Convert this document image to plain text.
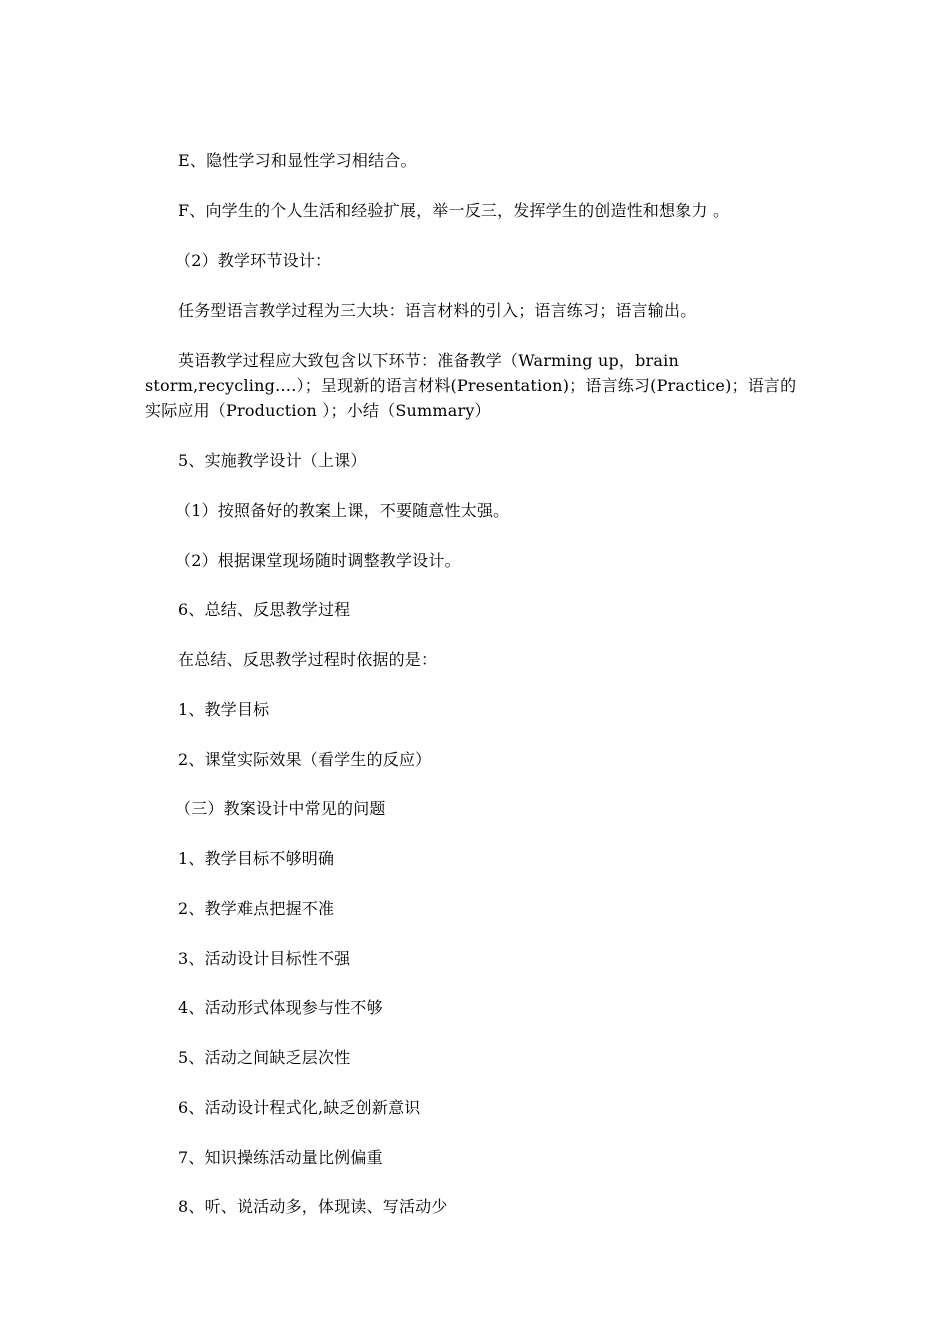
E、隐性学习和显性学习相结合。
F、向学生的个人生活和经验扩展，举一反三，发挥学生的创造性和想象力 。
（2）教学环节设计：
任务型语言教学过程为三大块：语言材料的引入；语言练习；语言输出。
英语教学过程应大致包含以下环节：准备教学（Warming up，brain
storm,recycling….）；呈现新的语言材料(Presentation)；语言练习(Practice)；语言的
实际应用（Production ）；小结（Summary）
5、实施教学设计（上课）
（1）按照备好的教案上课，不要随意性太强。
（2）根据课堂现场随时调整教学设计。
6、总结、反思教学过程
在总结、反思教学过程时依据的是：
1、教学目标
2、课堂实际效果（看学生的反应）
（三）教案设计中常见的问题
1、教学目标不够明确
2、教学难点把握不准
3、活动设计目标性不强
4、活动形式体现参与性不够
5、活动之间缺乏层次性
6、活动设计程式化,缺乏创新意识
7、知识操练活动量比例偏重
8、听、说活动多，体现读、写活动少
